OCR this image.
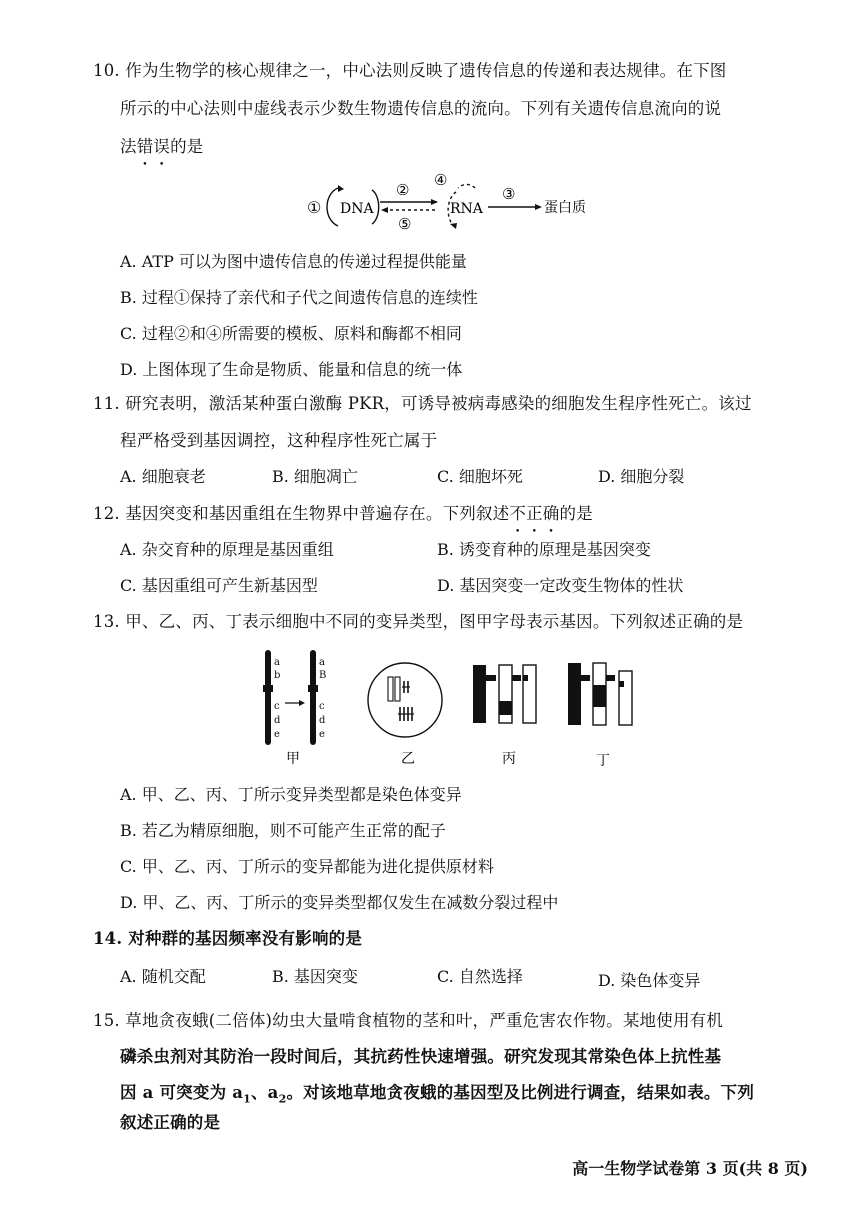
10. 作为生物学的核心规律之一，中心法则反映了遗传信息的传递和表达规律。在下图
所示的中心法则中虚线表示少数生物遗传信息的流向。下列有关遗传信息流向的说
法错误的是
① DNA
②
⑤
④
RNA
③
蛋白质
A. ATP 可以为图中遗传信息的传递过程提供能量
B. 过程①保持了亲代和子代之间遗传信息的连续性
C. 过程②和④所需要的模板、原料和酶都不相同
D. 上图体现了生命是物质、能量和信息的统一体
11. 研究表明，激活某种蛋白激酶 PKR，可诱导被病毒感染的细胞发生程序性死亡。该过
程严格受到基因调控，这种程序性死亡属于
A. 细胞衰老	B. 细胞凋亡	C. 细胞坏死	D. 细胞分裂
12. 基因突变和基因重组在生物界中普遍存在。下列叙述不正确的是
A. 杂交育种的原理是基因重组	B. 诱变育种的原理是基因突变
C. 基因重组可产生新基因型	D. 基因突变一定改变生物体的性状
13. 甲、乙、丙、丁表示细胞中不同的变异类型，图甲字母表示基因。下列叙述正确的是
a
b
c
d
e
a
B
c
d
e
甲	乙	丙	丁
A. 甲、乙、丙、丁所示变异类型都是染色体变异
B. 若乙为精原细胞，则不可能产生正常的配子
C. 甲、乙、丙、丁所示的变异都能为进化提供原材料
D. 甲、乙、丙、丁所示的变异类型都仅发生在减数分裂过程中
14. 对种群的基因频率没有影响的是
A. 随机交配	B. 基因突变	C. 自然选择	D. 染色体变异
15. 草地贪夜蛾(二倍体)幼虫大量啃食植物的茎和叶，严重危害农作物。某地使用有机
磷杀虫剂对其防治一段时间后，其抗药性快速增强。研究发现其常染色体上抗性基
因 a 可突变为 $a_1$、$a_2$。对该地草地贪夜蛾的基因型及比例进行调查，结果如表。下列
叙述正确的是
高一生物学试卷第 3 页(共 8 页)
